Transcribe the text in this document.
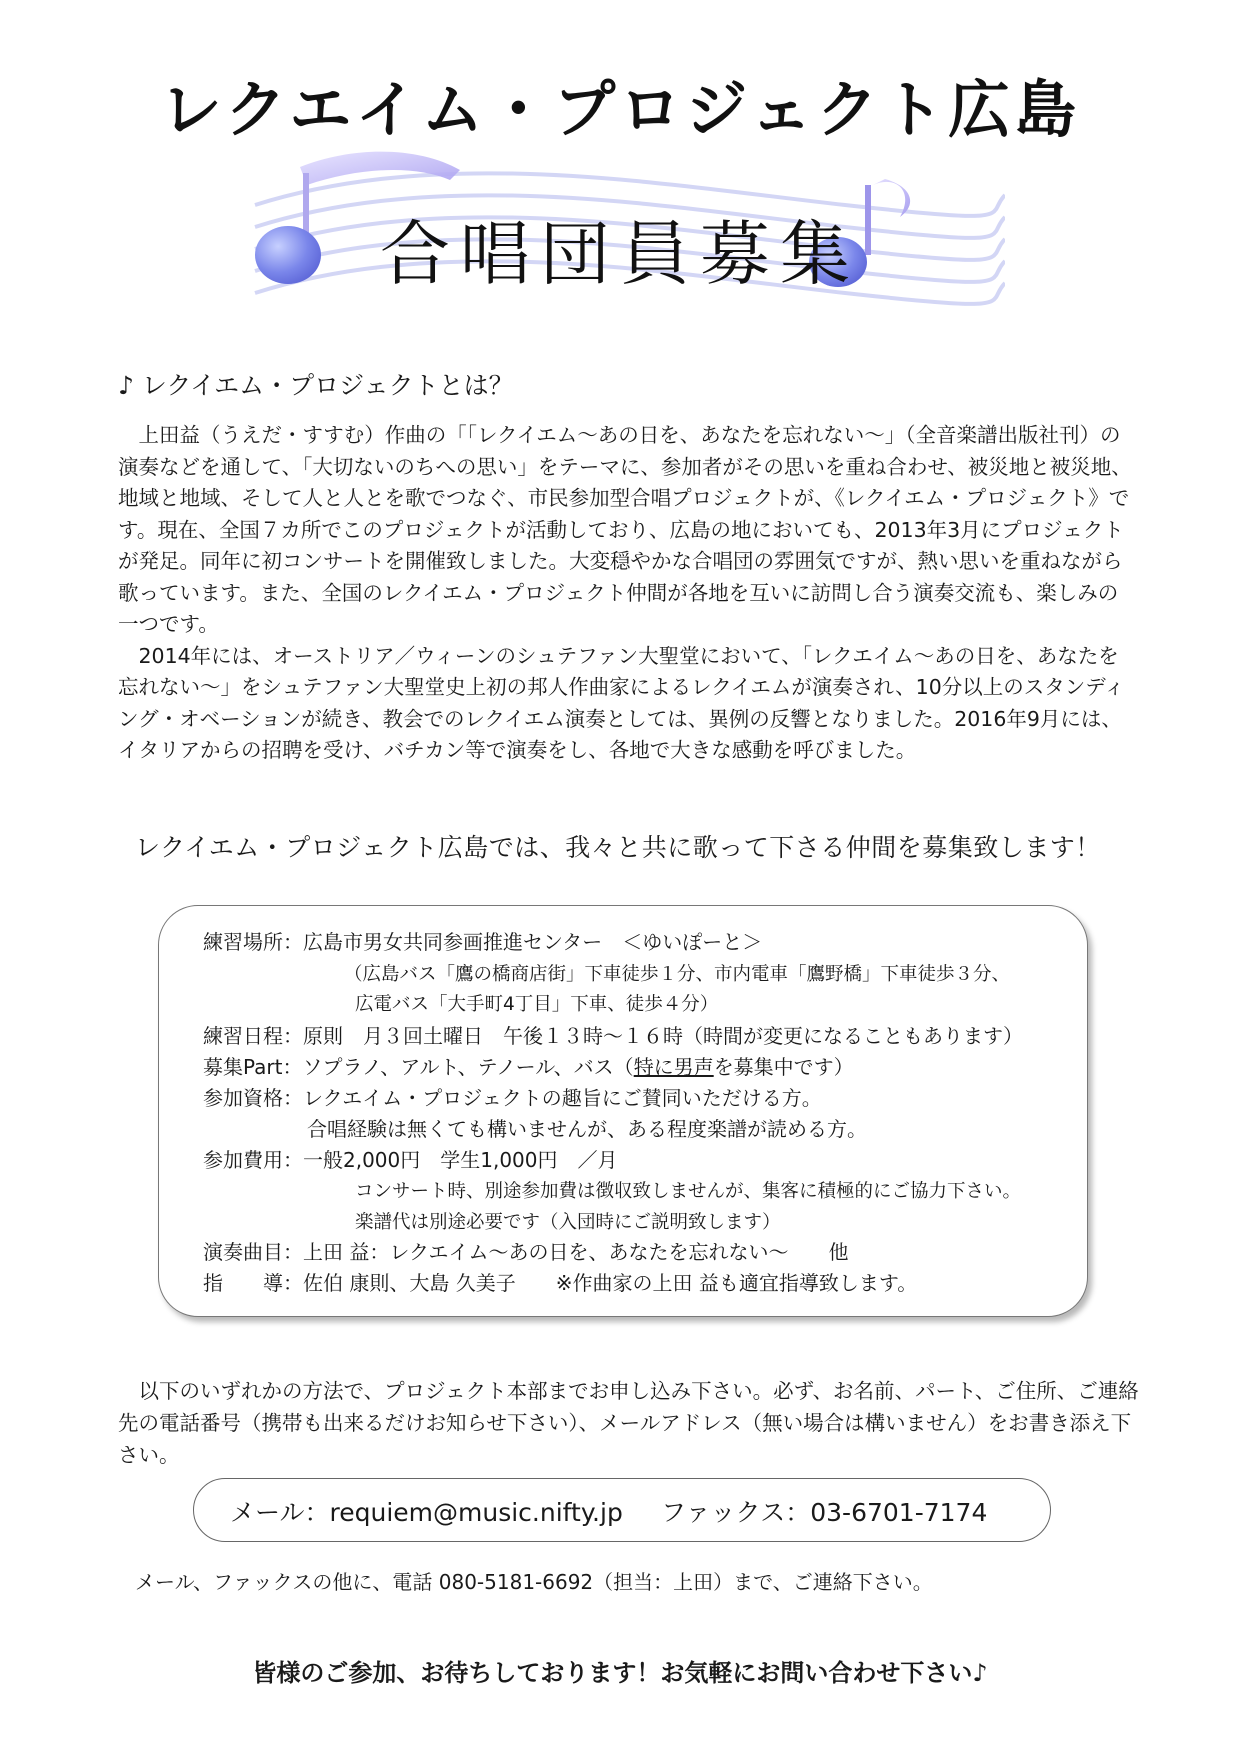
レクエイム・プロジェクト広島
合唱団員募集
♪ レクイエム・プロジェクトとは？

上田益（うえだ・すすむ）作曲の「「レクイエム〜あの日を、あなたを忘れない〜」（全音楽譜出版社刊）の演奏などを通して、「大切ないのちへの思い」をテーマに、参加者がその思いを重ね合わせ、被災地と被災地、地域と地域、そして人と人とを歌でつなぐ、市民参加型合唱プロジェクトが、《レクイエム・プロジェクト》です。現在、全国７カ所でこのプロジェクトが活動しており、広島の地においても、2013年3月にプロジェクトが発足。同年に初コンサートを開催致しました。大変穏やかな合唱団の雰囲気ですが、熱い思いを重ねながら歌っています。また、全国のレクイエム・プロジェクト仲間が各地を互いに訪問し合う演奏交流も、楽しみの一つです。

2014年には、オーストリア／ウィーンのシュテファン大聖堂において、「レクエイム〜あの日を、あなたを忘れない〜」をシュテファン大聖堂史上初の邦人作曲家によるレクイエムが演奏され、10分以上のスタンディング・オベーションが続き、教会でのレクイエム演奏としては、異例の反響となりました。2016年9月には、イタリアからの招聘を受け、バチカン等で演奏をし、各地で大きな感動を呼びました。

レクイエム・プロジェクト広島では、我々と共に歌って下さる仲間を募集致します！
練習場所：広島市男女共同参画推進センター　＜ゆいぽーと＞
（広島バス「鷹の橋商店街」下車徒歩１分、市内電車「鷹野橋」下車徒歩３分、
広電バス「大手町4丁目」下車、徒歩４分）
練習日程：原則　月３回土曜日　午後１３時〜１６時（時間が変更になることもあります）
募集Part：ソプラノ、アルト、テノール、バス（特に男声を募集中です）
参加資格：レクエイム・プロジェクトの趣旨にご賛同いただける方。
合唱経験は無くても構いませんが、ある程度楽譜が読める方。
参加費用：一般2,000円　学生1,000円　／月
コンサート時、別途参加費は徴収致しませんが、集客に積極的にご協力下さい。
楽譜代は別途必要です（入団時にご説明致します）
演奏曲目：上田 益：レクエイム〜あの日を、あなたを忘れない〜　　他
指　　導：佐伯 康則、大島 久美子　　※作曲家の上田 益も適宜指導致します。

以下のいずれかの方法で、プロジェクト本部までお申し込み下さい。必ず、お名前、パート、ご住所、ご連絡先の電話番号（携帯も出来るだけお知らせ下さい）、メールアドレス（無い場合は構いません）をお書き添え下さい。

メール：requiem@music.nifty.jp ファックス：03-6701-7174
メール、ファックスの他に、電話 080-5181-6692（担当：上田）まで、ご連絡下さい。
皆様のご参加、お待ちしております！お気軽にお問い合わせ下さい♪
